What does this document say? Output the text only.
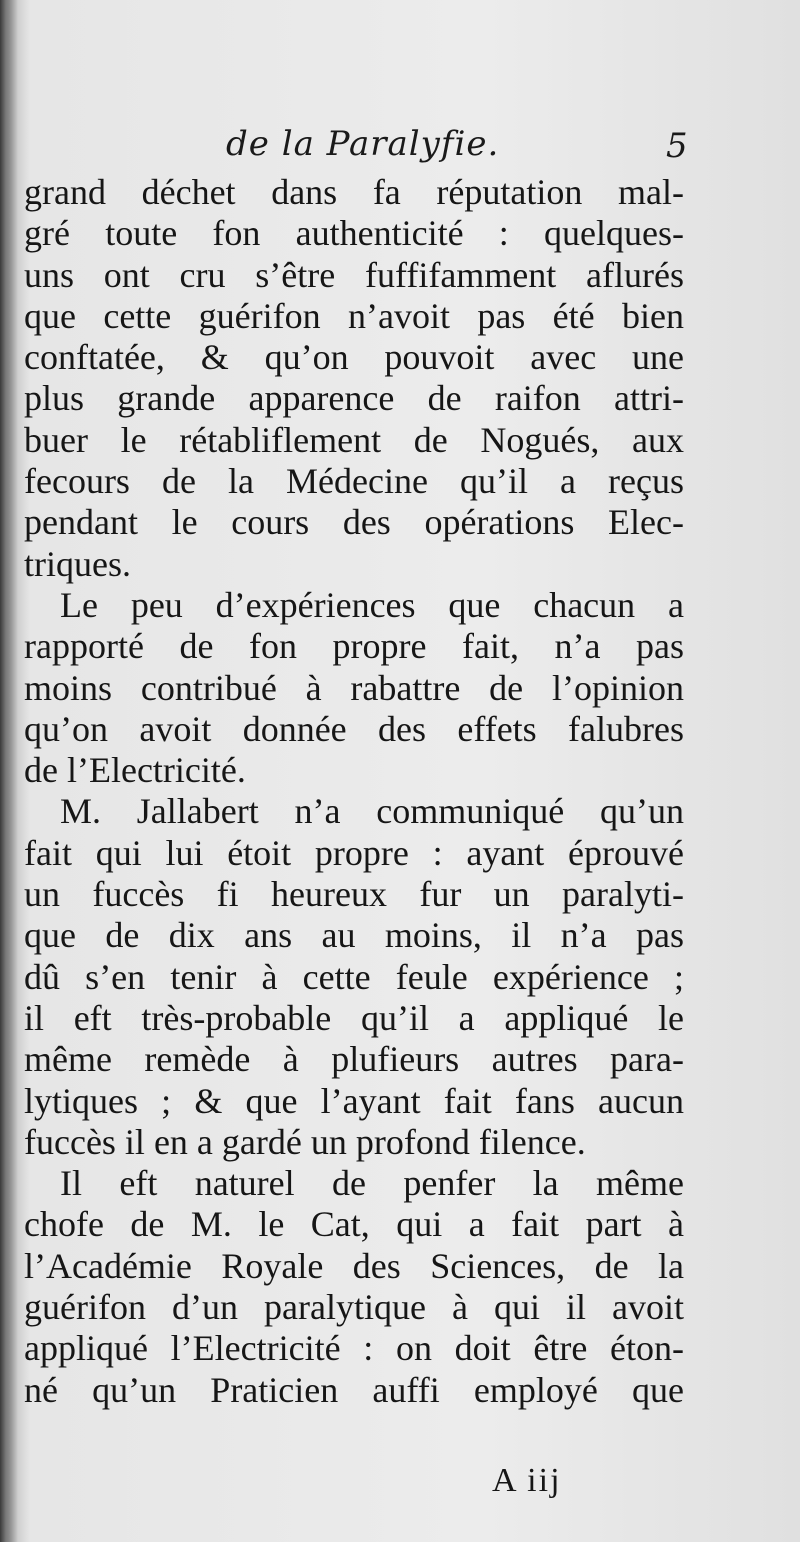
de la Paralyfie.	5
grand déchet dans fa réputation mal-
gré toute fon authenticité : quelques-
uns ont cru s’être fuffifamment aflurés
que cette guérifon n’avoit pas été bien
conftatée, & qu’on pouvoit avec une
plus grande apparence de raifon attri-
buer le rétabliflement de Nogués, aux
fecours de la Médecine qu’il a reçus
pendant le cours des opérations Elec-
triques.
Le peu d’expériences que chacun a
rapporté de fon propre fait, n’a pas
moins contribué à rabattre de l’opinion
qu’on avoit donnée des effets falubres
de l’Electricité.
M. Jallabert n’a communiqué qu’un
fait qui lui étoit propre : ayant éprouvé
un fuccès fi heureux fur un paralyti-
que de dix ans au moins, il n’a pas
dû s’en tenir à cette feule expérience ;
il eft très-probable qu’il a appliqué le
même remède à plufieurs autres para-
lytiques ; & que l’ayant fait fans aucun
fuccès il en a gardé un profond filence.
Il eft naturel de penfer la même
chofe de M. le Cat, qui a fait part à
l’Académie Royale des Sciences, de la
guérifon d’un paralytique à qui il avoit
appliqué l’Electricité : on doit être éton-
né qu’un Praticien auffi employé que
A iij
